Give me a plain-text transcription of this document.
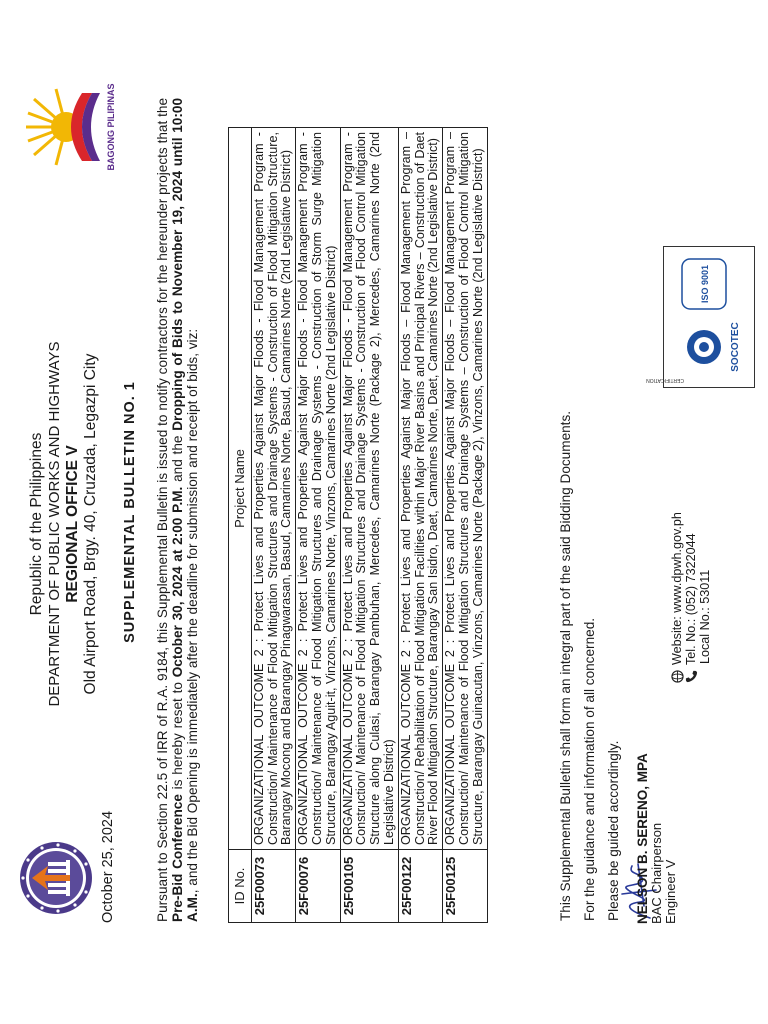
Republic of the Philippines DEPARTMENT OF PUBLIC WORKS AND HIGHWAYS REGIONAL OFFICE V Old Airport Road, Brgy. 40, Cruzada, Legazpi City
BAGONG PILIPINAS
October 25, 2024
SUPPLEMENTAL BULLETIN NO. 1 Pursuant to Section 22.5 of IRR of R.A. 9184, this Supplemental Bulletin is issued to notify contractors for the hereunder projects that the Pre-Bid Conference is hereby reset to October 30, 2024 at 2:00 P.M. and the Dropping of Bids to November 19, 2024 until 10:00 A.M., and the Bid Opening is immediately after the deadline for submission and receipt of bids, viz: ID No.	Project Name
25F00073	ORGANIZATIONAL OUTCOME 2 : Protect Lives and Properties Against Major Floods - Flood Management Program - Construction/ Maintenance of Flood Mitigation Structures and Drainage Systems - Construction of Flood Mitigation Structure, Barangay Mocong and Barangay Pinagwarasan, Basud, Camarines Norte, Basud, Camarines Norte (2nd Legislative District)
25F00076	ORGANIZATIONAL OUTCOME 2 : Protect Lives and Properties Against Major Floods - Flood Management Program - Construction/ Maintenance of Flood Mitigation Structures and Drainage Systems - Construction of Storm Surge Mitigation Structure, Barangay Aguit-it, Vinzons, Camarines Norte, Vinzons, Camarines Norte (2nd Legislative District)
25F00105	ORGANIZATIONAL OUTCOME 2 : Protect Lives and Properties Against Major Floods - Flood Management Program - Construction/ Maintenance of Flood Mitigation Structures and Drainage Systems - Construction of Flood Control Mitigation Structure along Culasi, Barangay Pambuhan, Mercedes, Camarines Norte (Package 2), Mercedes, Camarines Norte (2nd Legislative District)
25F00122	ORGANIZATIONAL OUTCOME 2 : Protect Lives and Properties Against Major Floods – Flood Management Program – Construction/ Rehabilitation of Flood Mitigation Facilities within Major River Basins and Principal Rivers – Construction of Daet River Flood Mitigation Structure, Barangay San Isidro, Daet, Camarines Norte, Daet, Camarines Norte (2nd Legislative District)
25F00125	ORGANIZATIONAL OUTCOME 2 : Protect Lives and Properties Against Major Floods – Flood Management Program – Construction/ Maintenance of Flood Mitigation Structures and Drainage Systems – Construction of Flood Control Mitigation Structure, Barangay Guinacutan, Vinzons, Camarines Norte (Package 2), Vinzons, Camarines Norte (2nd Legislative District)	This Supplemental Bulletin shall form an integral part of the said Bidding Documents. For the guidance and information of all concerned. Please be guided accordingly. NELSON B. SERENO, MPA BAC Chairperson Engineer V
Website: www.dpwh.gov.ph Tel. No.: (052) 7322044 Local No.: 53011
CERTIFICATION
SOCOTEC
ISO 9001
